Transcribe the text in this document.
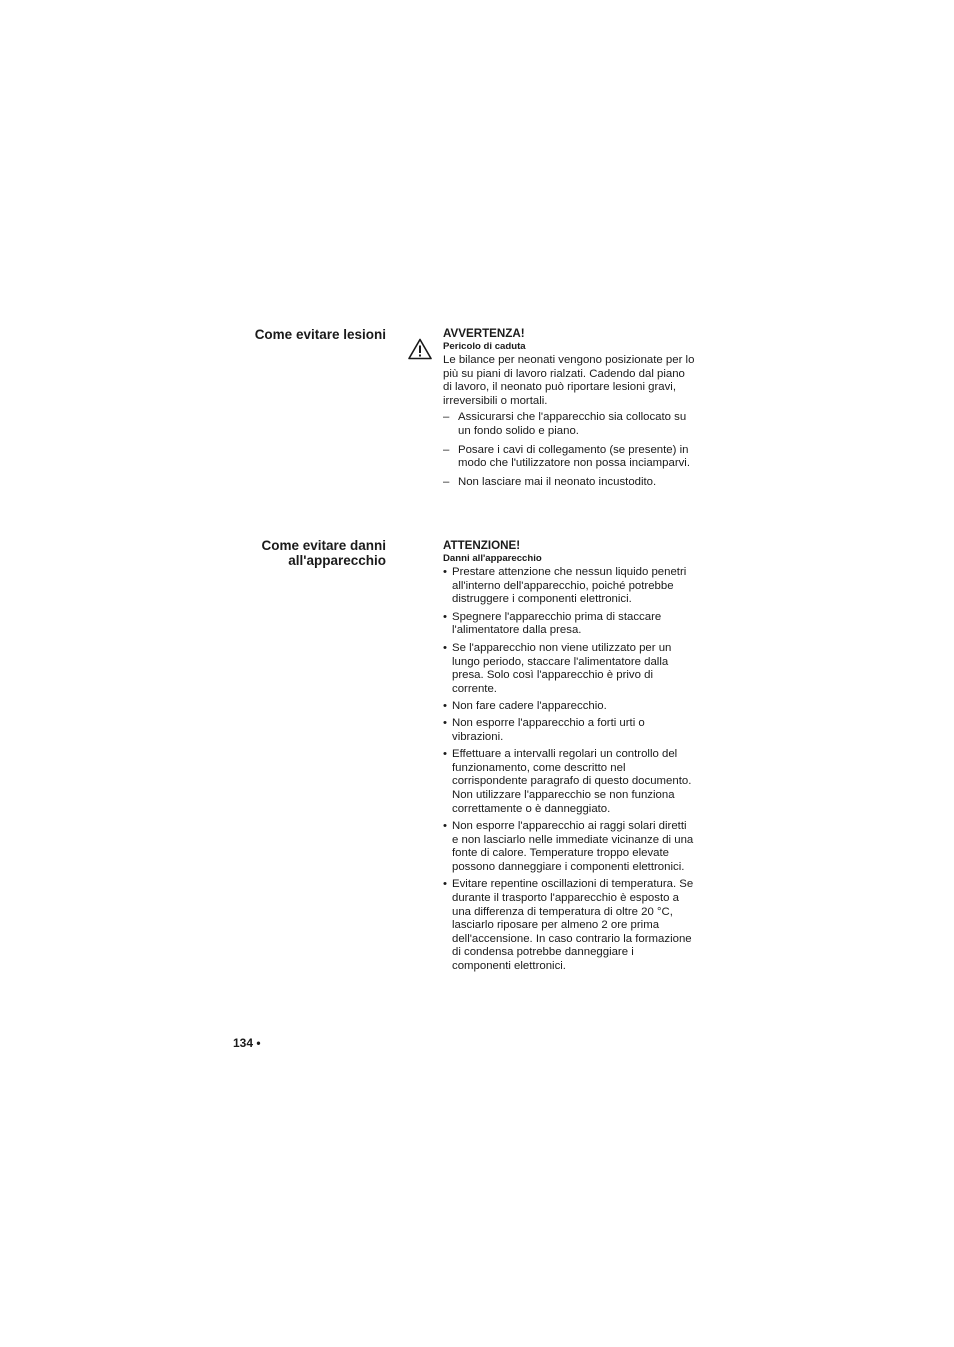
Come evitare lesioni	AVVERTENZA!
Pericolo di caduta

Le bilance per neonati vengono posizionate per lo più su piani di lavoro rialzati. Cadendo dal piano di lavoro, il neonato può riportare lesioni gravi, irreversibili o mortali.

– Assicurarsi che l'apparecchio sia collocato su un fondo solido e piano.
– Posare i cavi di collegamento (se presente) in modo che l'utilizzatore non possa inciamparvi.
– Non lasciare mai il neonato incustodito.
Come evitare danni
all'apparecchio
ATTENZIONE!
Danni all'apparecchio
• Prestare attenzione che nessun liquido penetri all'interno dell'apparecchio, poiché potrebbe distruggere i componenti elettronici.
• Spegnere l'apparecchio prima di staccare l'alimentatore dalla presa.
• Se l'apparecchio non viene utilizzato per un lungo periodo, staccare l'alimentatore dalla presa. Solo così l'apparecchio è privo di corrente.
• Non fare cadere l'apparecchio.
• Non esporre l'apparecchio a forti urti o vibrazioni.
• Effettuare a intervalli regolari un controllo del funzionamento, come descritto nel corrispondente paragrafo di questo documento. Non utilizzare l'apparecchio se non funziona correttamente o è danneggiato.
• Non esporre l'apparecchio ai raggi solari diretti e non lasciarlo nelle immediate vicinanze di una fonte di calore. Temperature troppo elevate possono danneggiare i componenti elettronici.
• Evitare repentine oscillazioni di temperatura. Se durante il trasporto l'apparecchio è esposto a una differenza di temperatura di oltre 20 °C, lasciarlo riposare per almeno 2 ore prima dell'accensione. In caso contrario la formazione di condensa potrebbe danneggiare i componenti elettronici.
134 •
